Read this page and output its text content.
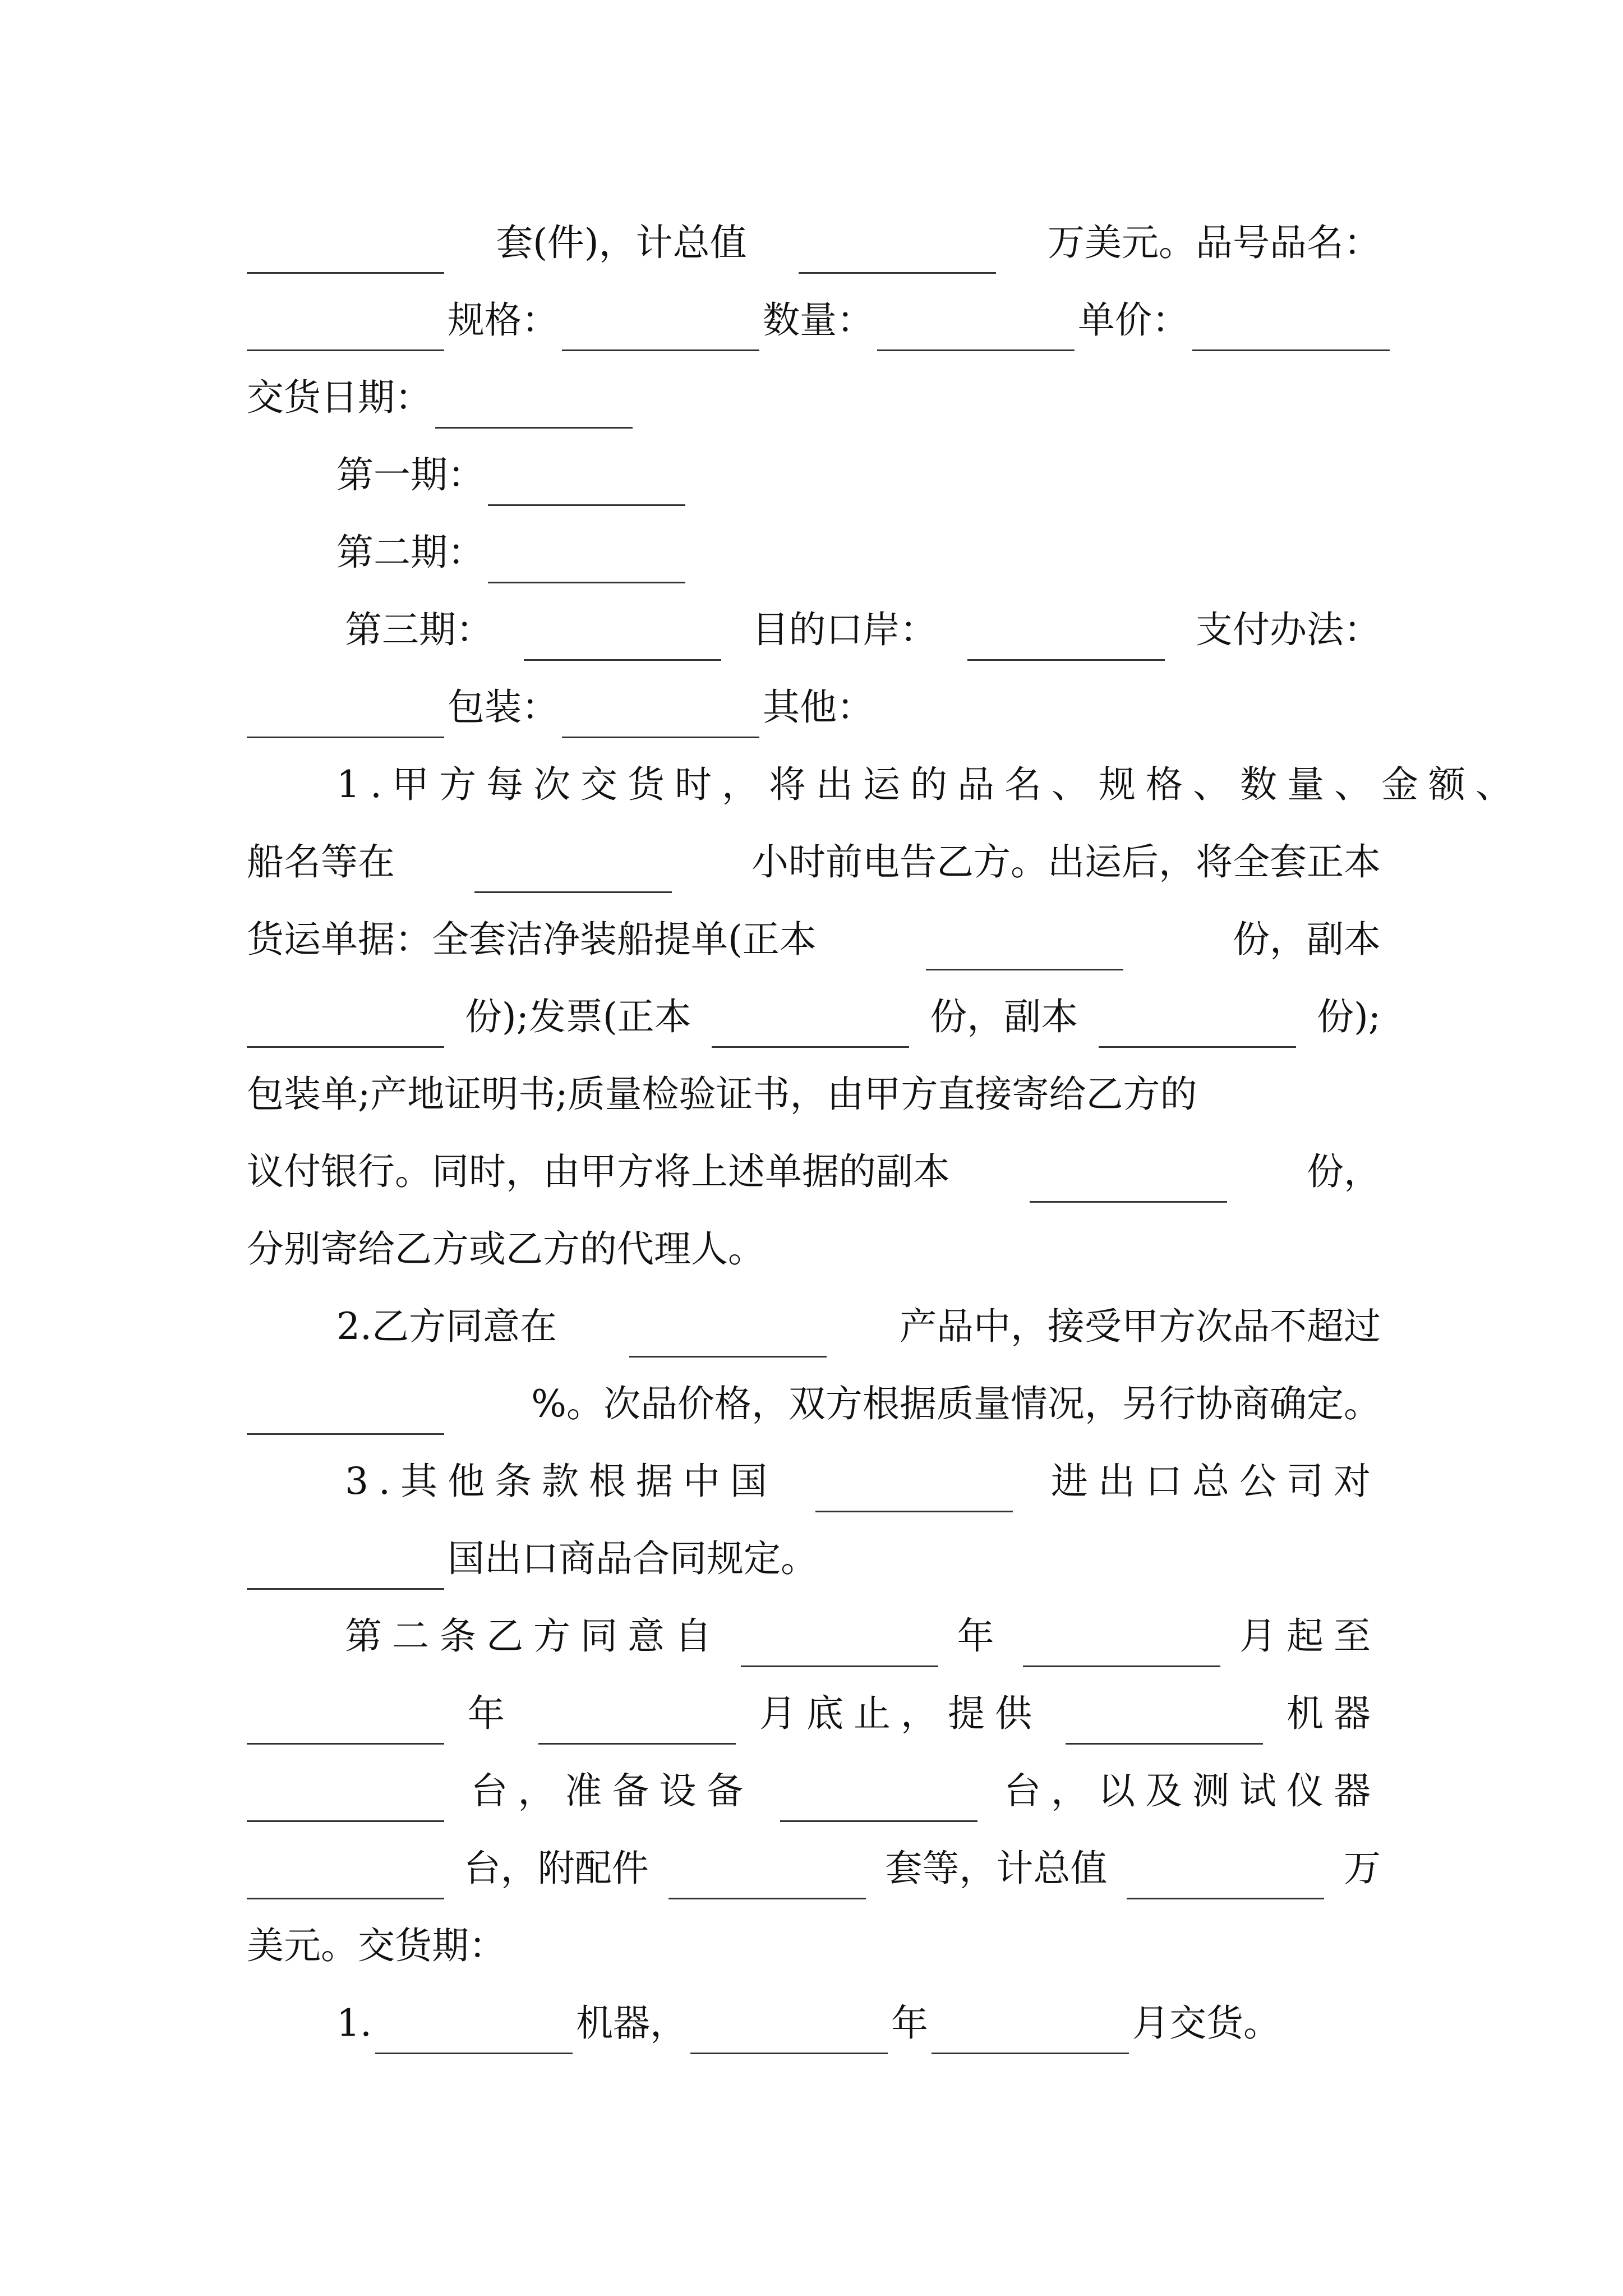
套(件)，计总值	万美元。品号品名：
规格：	数量：	单价：
交货日期：
第一期：
第二期：
第三期：	目的口岸：	支付办法：
包装：	其他：
1.甲方每次交货时，将出运的品名、规格、数量、金额、
船名等在	小时前电告乙方。出运后，将全套正本
货运单据：全套洁净装船提单(正本	份，副本
份);发票(正本	份，副本	份);
包装单;产地证明书;质量检验证书，由甲方直接寄给乙方的
议付银行。同时，由甲方将上述单据的副本	份，
分别寄给乙方或乙方的代理人。
2.乙方同意在	产品中，接受甲方次品不超过
%。次品价格，双方根据质量情况，另行协商确定。
3.其他条款根据中国	进出口总公司对
国出口商品合同规定。
第二条乙方同意自	年	月起至
年	月底止，提供	机器
台，准备设备	台，以及测试仪器
台，附配件	套等，计总值	万
美元。交货期：
1.	机器，	年	月交货。
